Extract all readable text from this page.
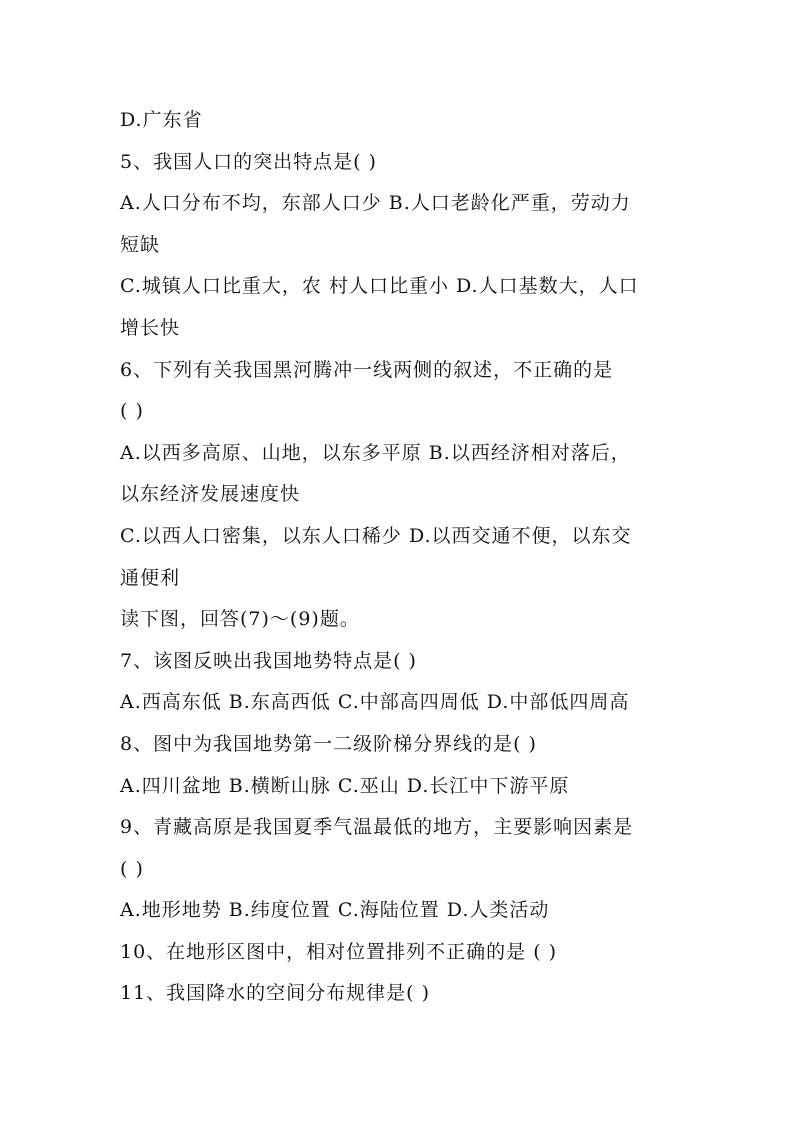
D.广东省
5、我国人口的突出特点是( )
A.人口分布不均，东部人口少 B.人口老龄化严重，劳动力
短缺
C.城镇人口比重大，农 村人口比重小 D.人口基数大，人口
增长快
6、下列有关我国黑河腾冲一线两侧的叙述，不正确的是
( )
A.以西多高原、山地，以东多平原 B.以西经济相对落后，
以东经济发展速度快
C.以西人口密集，以东人口稀少 D.以西交通不便，以东交
通便利
读下图，回答(7)～(9)题。
7、该图反映出我国地势特点是( )
A.西高东低 B.东高西低 C.中部高四周低 D.中部低四周高
8、图中为我国地势第一二级阶梯分界线的是( )
A.四川盆地 B.横断山脉 C.巫山 D.长江中下游平原
9、青藏高原是我国夏季气温最低的地方，主要影响因素是
( )
A.地形地势 B.纬度位置 C.海陆位置 D.人类活动
10、在地形区图中，相对位置排列不正确的是 ( )
11、我国降水的空间分布规律是( )
